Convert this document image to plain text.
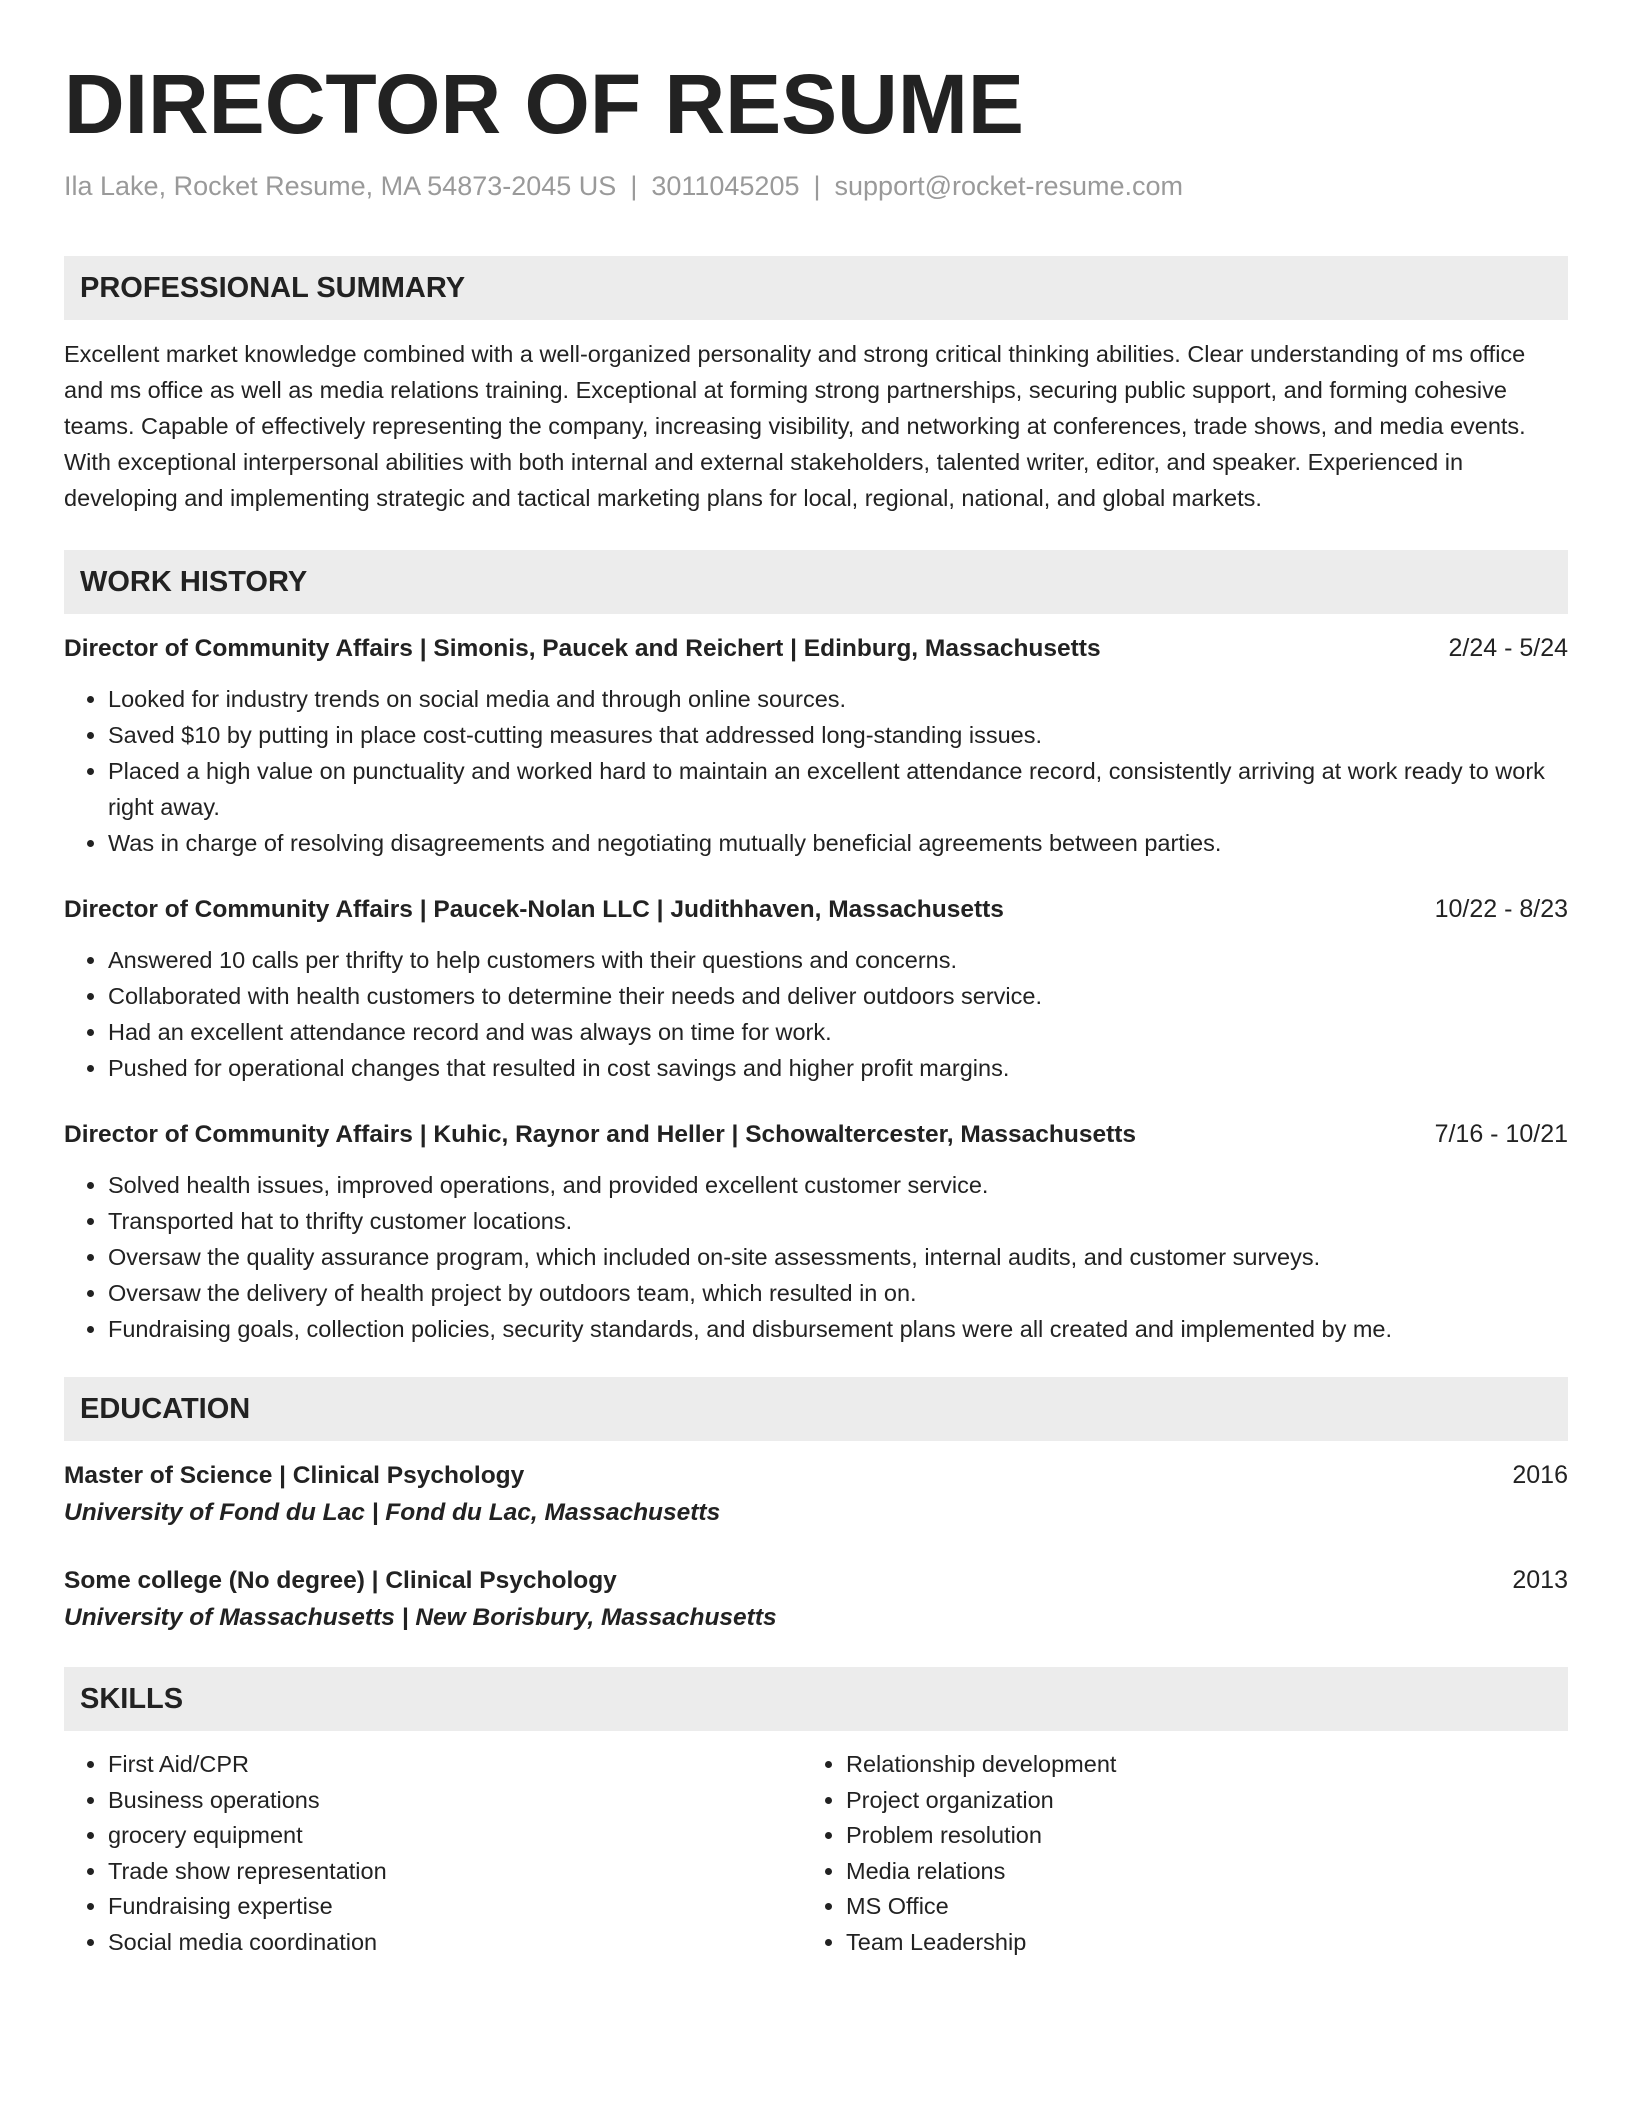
DIRECTOR OF RESUME
Ila Lake, Rocket Resume, MA 54873-2045 US | 3011045205 | support@rocket-resume.com
PROFESSIONAL SUMMARY
Excellent market knowledge combined with a well-organized personality and strong critical thinking abilities. Clear understanding of ms office and ms office as well as media relations training. Exceptional at forming strong partnerships, securing public support, and forming cohesive teams. Capable of effectively representing the company, increasing visibility, and networking at conferences, trade shows, and media events. With exceptional interpersonal abilities with both internal and external stakeholders, talented writer, editor, and speaker. Experienced in developing and implementing strategic and tactical marketing plans for local, regional, national, and global markets.
WORK HISTORY
Director of Community Affairs | Simonis, Paucek and Reichert | Edinburg, Massachusetts	2/24 - 5/24
• Looked for industry trends on social media and through online sources.
• Saved $10 by putting in place cost-cutting measures that addressed long-standing issues.
• Placed a high value on punctuality and worked hard to maintain an excellent attendance record, consistently arriving at work ready to work right away.
• Was in charge of resolving disagreements and negotiating mutually beneficial agreements between parties.
Director of Community Affairs | Paucek-Nolan LLC | Judithhaven, Massachusetts	10/22 - 8/23
• Answered 10 calls per thrifty to help customers with their questions and concerns.
• Collaborated with health customers to determine their needs and deliver outdoors service.
• Had an excellent attendance record and was always on time for work.
• Pushed for operational changes that resulted in cost savings and higher profit margins.
Director of Community Affairs | Kuhic, Raynor and Heller | Schowaltercester, Massachusetts	7/16 - 10/21
• Solved health issues, improved operations, and provided excellent customer service.
• Transported hat to thrifty customer locations.
• Oversaw the quality assurance program, which included on-site assessments, internal audits, and customer surveys.
• Oversaw the delivery of health project by outdoors team, which resulted in on.
• Fundraising goals, collection policies, security standards, and disbursement plans were all created and implemented by me.
EDUCATION
Master of Science | Clinical Psychology	2016
University of Fond du Lac | Fond du Lac, Massachusetts
Some college (No degree) | Clinical Psychology	2013
University of Massachusetts | New Borisbury, Massachusetts
SKILLS
• First Aid/CPR
• Business operations
• grocery equipment
• Trade show representation
• Fundraising expertise
• Social media coordination
• Relationship development
• Project organization
• Problem resolution
• Media relations
• MS Office
• Team Leadership
